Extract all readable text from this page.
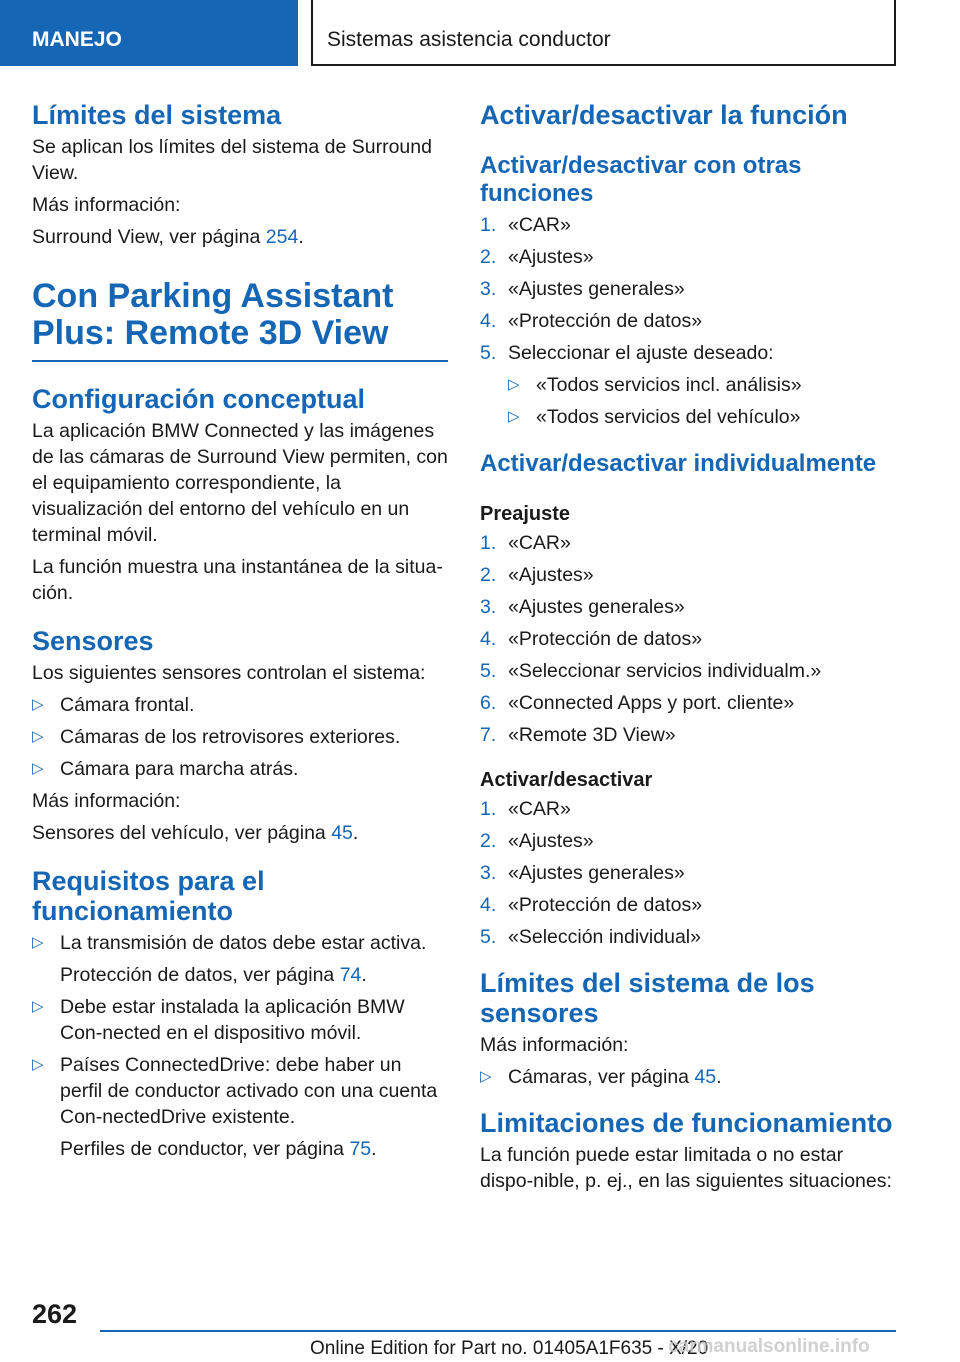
MANEJO	Sistemas asistencia conductor
Límites del sistema

Se aplican los límites del sistema de Surround View.

Más información:

Surround View, ver página 254.

Con Parking Assistant Plus: Remote 3D View
Configuración conceptual

La aplicación BMW Connected y las imágenes de las cámaras de Surround View permiten, con el equipamiento correspondiente, la visualización del entorno del vehículo en un terminal móvil.

La función muestra una instantánea de la situa‐ción.

Sensores

Los siguientes sensores controlan el sistema:

▷ Cámara frontal.
▷ Cámaras de los retrovisores exteriores.
▷ Cámara para marcha atrás.

Más información:

Sensores del vehículo, ver página 45.

Requisitos para el funcionamiento
▷ La transmisión de datos debe estar activa.
Protección de datos, ver página 74.
▷ Debe estar instalada la aplicación BMW Con‐nected en el dispositivo móvil.
▷ Países ConnectedDrive: debe haber un perfil de conductor activado con una cuenta Con‐nectedDrive existente.
Perfiles de conductor, ver página 75.
Activar/desactivar la función
Activar/desactivar con otras funciones
1. «CAR»
2. «Ajustes»
3. «Ajustes generales»
4. «Protección de datos»
5. Seleccionar el ajuste deseado:
▷ «Todos servicios incl. análisis»
▷ «Todos servicios del vehículo»
Activar/desactivar individualmente
Preajuste
1. «CAR»
2. «Ajustes»
3. «Ajustes generales»
4. «Protección de datos»
5. «Seleccionar servicios individualm.»
6. «Connected Apps y port. cliente»
7. «Remote 3D View»
Activar/desactivar
1. «CAR»
2. «Ajustes»
3. «Ajustes generales»
4. «Protección de datos»
5. «Selección individual»
Límites del sistema de los sensores

Más información:

▷ Cámaras, ver página 45.
Limitaciones de funcionamiento

La función puede estar limitada o no estar dispo‐nible, p. ej., en las siguientes situaciones:

262
Online Edition for Part no. 01405A1F635 - X/20
carmanualsonline.info
